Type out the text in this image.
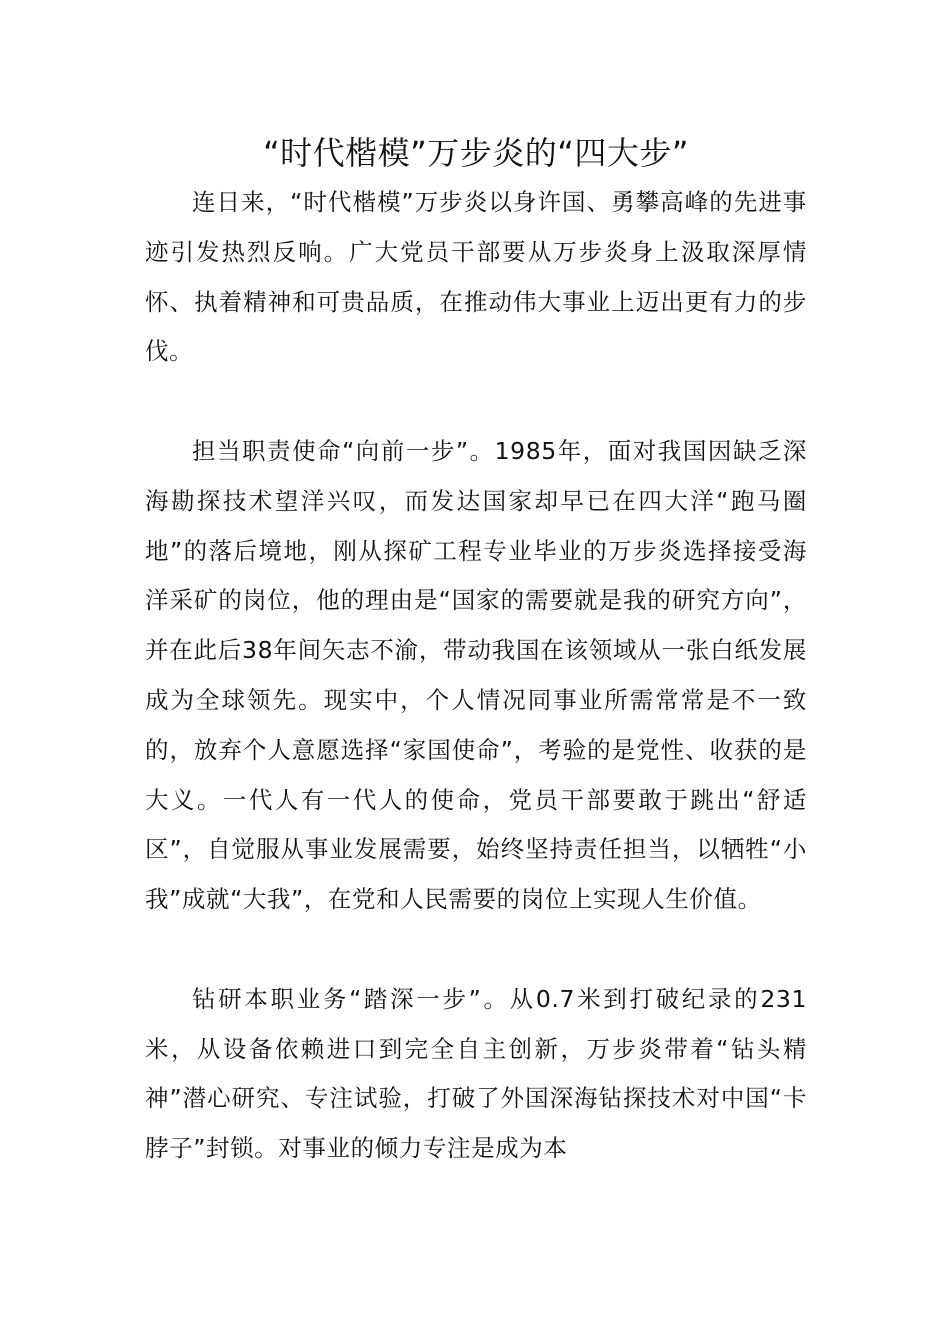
“时代楷模”万步炎的“四大步”

连日来，“时代楷模”万步炎以身许国、勇攀高峰的先进事迹引发热烈反响。广大党员干部要从万步炎身上汲取深厚情怀、执着精神和可贵品质，在推动伟大事业上迈出更有力的步伐。

担当职责使命“向前一步”。1985年，面对我国因缺乏深海勘探技术望洋兴叹，而发达国家却早已在四大洋“跑马圈地”的落后境地，刚从探矿工程专业毕业的万步炎选择接受海洋采矿的岗位，他的理由是“国家的需要就是我的研究方向”，并在此后38年间矢志不渝，带动我国在该领域从一张白纸发展成为全球领先。现实中，个人情况同事业所需常常是不一致的，放弃个人意愿选择“家国使命”，考验的是党性、收获的是大义。一代人有一代人的使命，党员干部要敢于跳出“舒适区”，自觉服从事业发展需要，始终坚持责任担当，以牺牲“小我”成就“大我”，在党和人民需要的岗位上实现人生价值。

钻研本职业务“踏深一步”。从0.7米到打破纪录的231米，从设备依赖进口到完全自主创新，万步炎带着“钻头精神”潜心研究、专注试验，打破了外国深海钻探技术对中国“卡脖子”封锁。对事业的倾力专注是成为本
